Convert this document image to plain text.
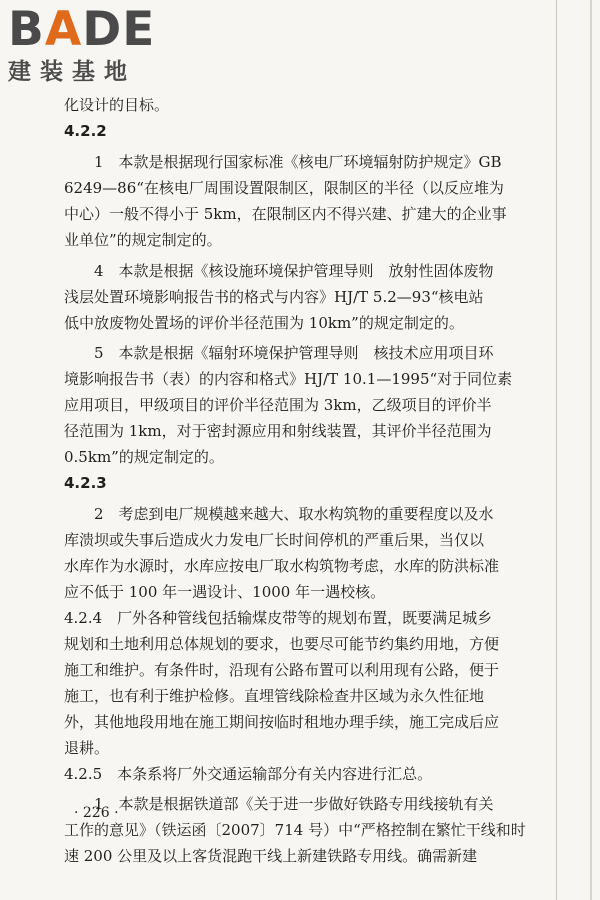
BADE
建装基地
化设计的目标。
4.2.2
1　本款是根据现行国家标准《核电厂环境辐射防护规定》GB
6249—86“在核电厂周围设置限制区，限制区的半径（以反应堆为
中心）一般不得小于 5km，在限制区内不得兴建、扩建大的企业事
业单位”的规定制定的。
4　本款是根据《核设施环境保护管理导则　放射性固体废物
浅层处置环境影响报告书的格式与内容》HJ/T 5.2—93“核电站
低中放废物处置场的评价半径范围为 10km”的规定制定的。
5　本款是根据《辐射环境保护管理导则　核技术应用项目环
境影响报告书（表）的内容和格式》HJ/T 10.1—1995“对于同位素
应用项目，甲级项目的评价半径范围为 3km，乙级项目的评价半
径范围为 1km，对于密封源应用和射线装置，其评价半径范围为
0.5km”的规定制定的。
4.2.3
2　考虑到电厂规模越来越大、取水构筑物的重要程度以及水
库溃坝或失事后造成火力发电厂长时间停机的严重后果，当仅以
水库作为水源时，水库应按电厂取水构筑物考虑，水库的防洪标准
应不低于 100 年一遇设计、1000 年一遇校核。
4.2.4　厂外各种管线包括输煤皮带等的规划布置，既要满足城乡
规划和土地利用总体规划的要求，也要尽可能节约集约用地，方便
施工和维护。有条件时，沿现有公路布置可以利用现有公路，便于
施工，也有利于维护检修。直埋管线除检查井区域为永久性征地
外，其他地段用地在施工期间按临时租地办理手续，施工完成后应
退耕。
4.2.5　本条系将厂外交通运输部分有关内容进行汇总。
1　本款是根据铁道部《关于进一步做好铁路专用线接轨有关
工作的意见》（铁运函〔2007〕714 号）中“严格控制在繁忙干线和时
速 200 公里及以上客货混跑干线上新建铁路专用线。确需新建
· 226 ·
